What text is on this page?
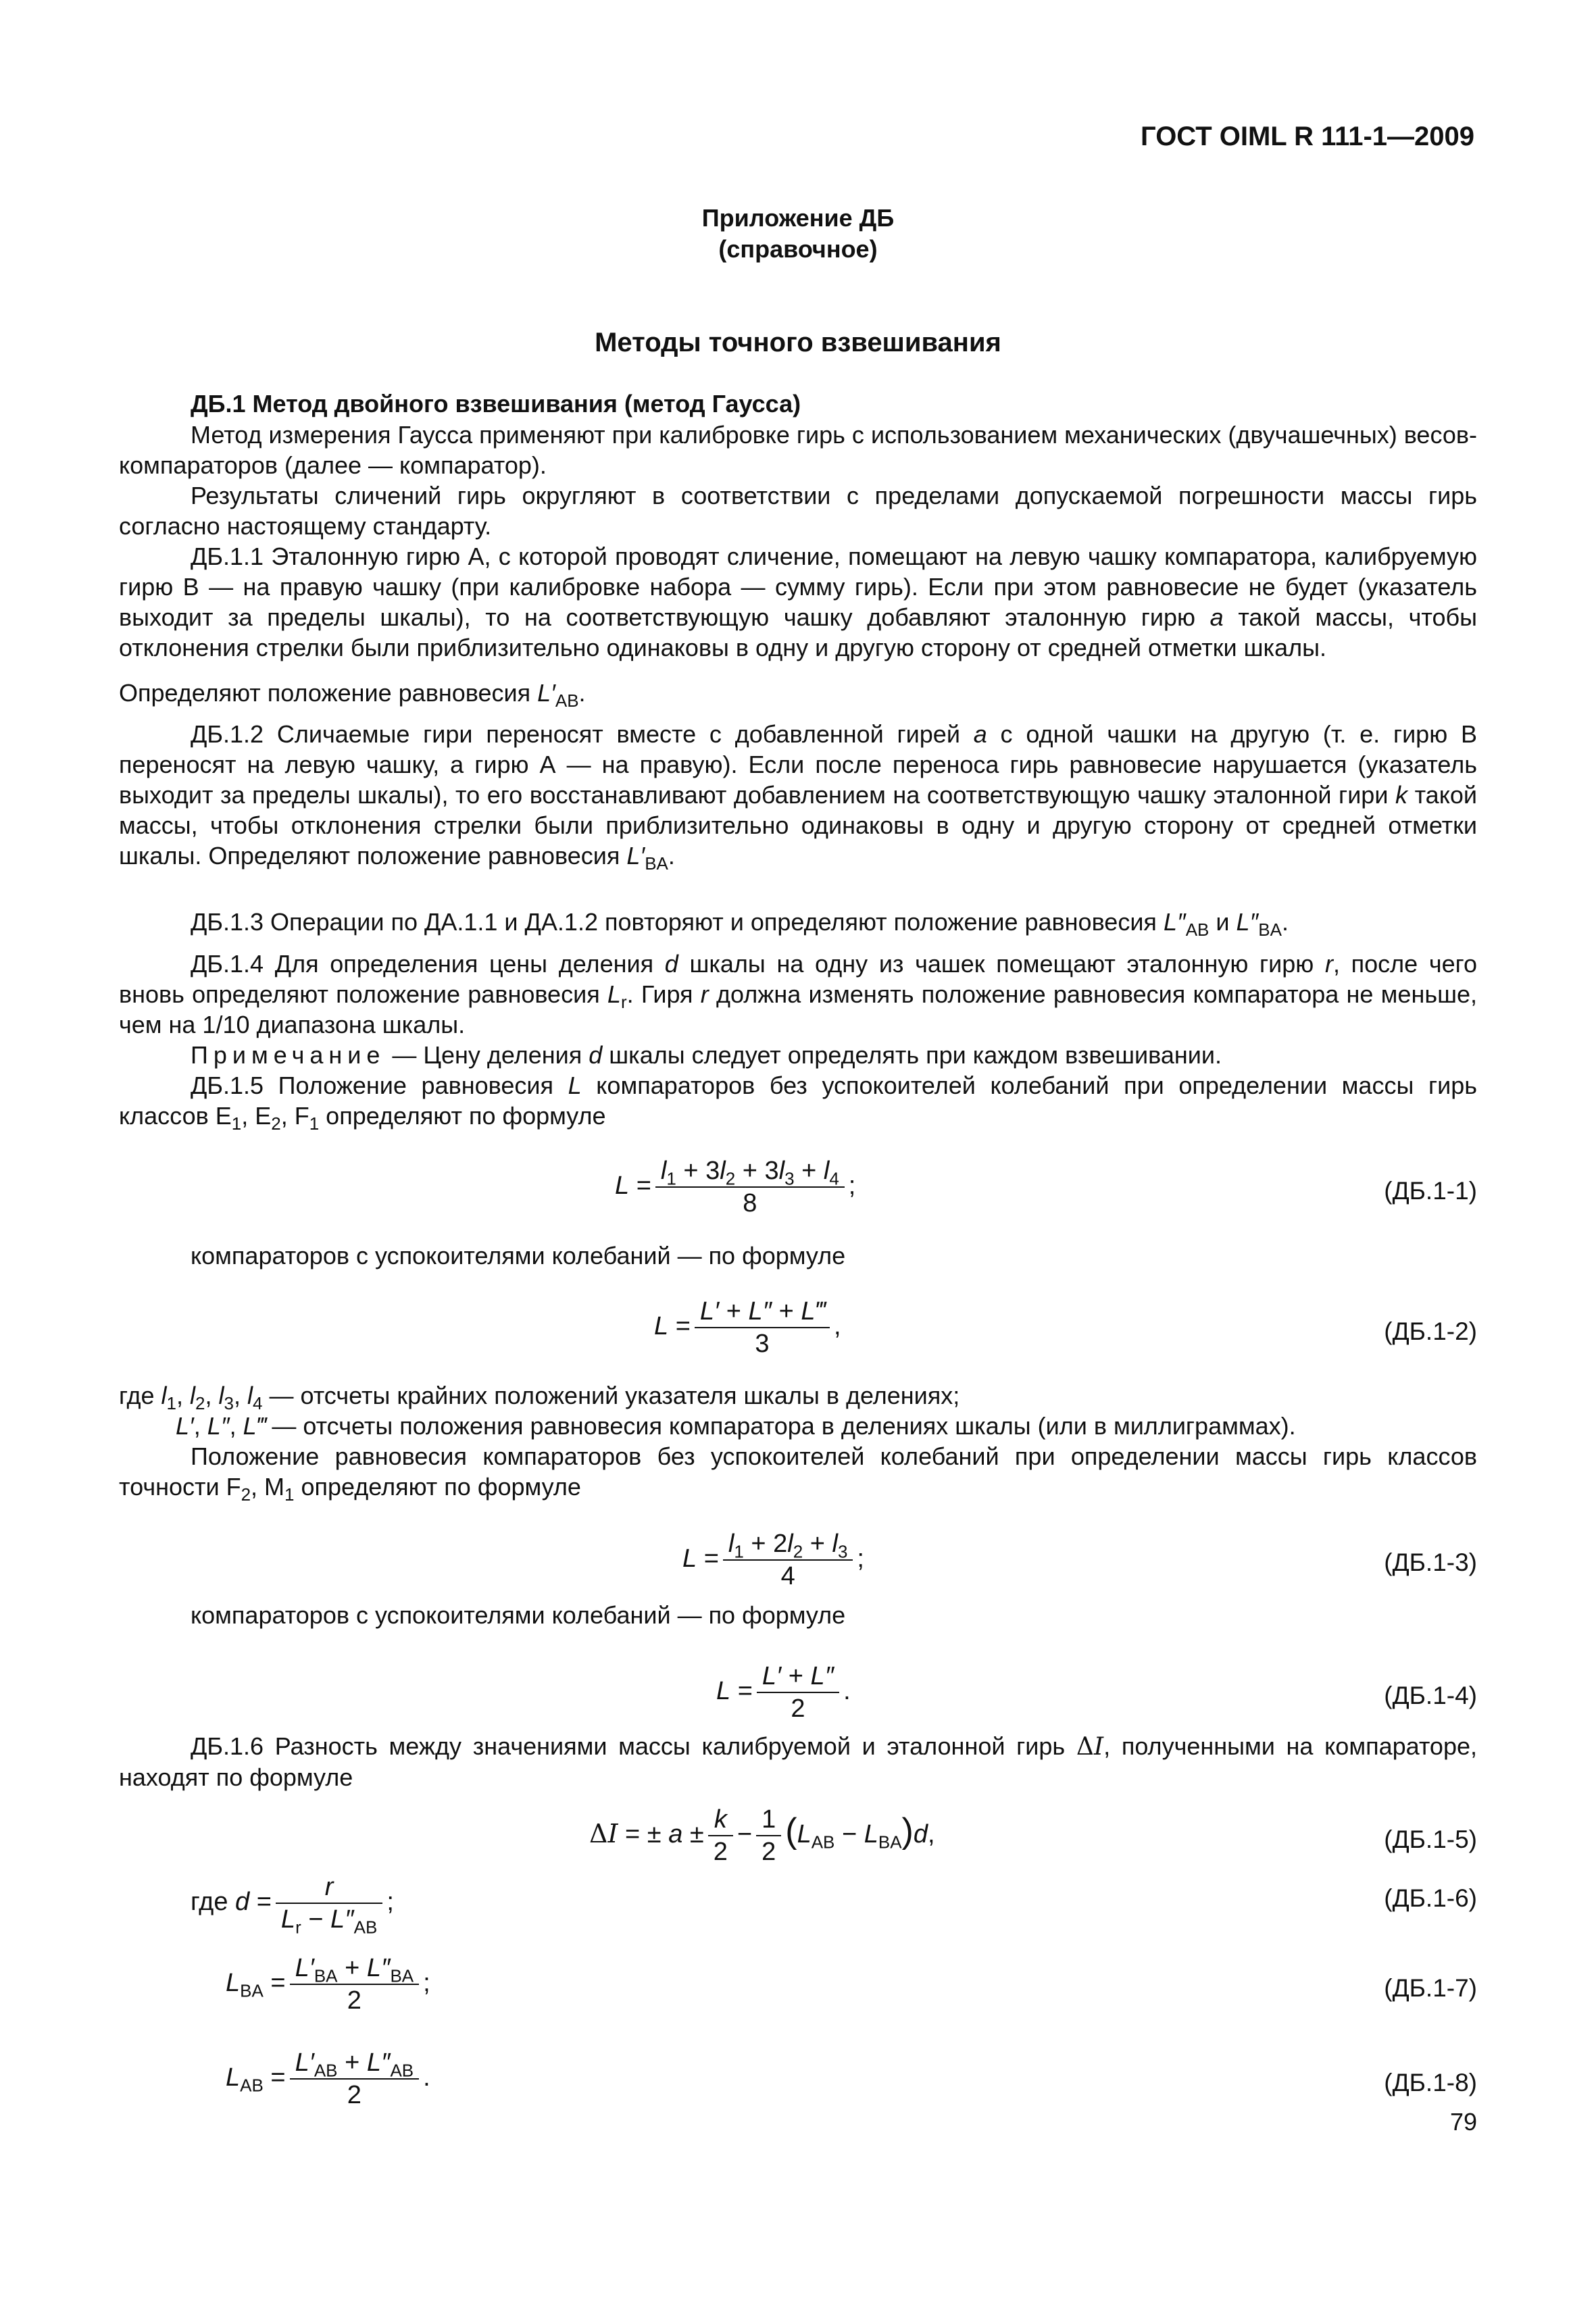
ГОСТ OIML R 111-1—2009
Приложение ДБ
(справочное)
Методы точного взвешивания
ДБ.1 Метод двойного взвешивания (метод Гаусса)
Метод измерения Гаусса применяют при калибровке гирь с использованием механических (двучашечных) весов-компараторов (далее — компаратор).
Результаты сличений гирь округляют в соответствии с пределами допускаемой погрешности массы гирь согласно настоящему стандарту.
ДБ.1.1 Эталонную гирю А, с которой проводят сличение, помещают на левую чашку компаратора, калибруемую гирю В — на правую чашку (при калибровке набора — сумму гирь). Если при этом равновесие не будет (указатель выходит за пределы шкалы), то на соответствующую чашку добавляют эталонную гирю a такой массы, чтобы отклонения стрелки были приблизительно одинаковы в одну и другую сторону от средней отметки шкалы.
Определяют положение равновесия $L'_{AB}$.
ДБ.1.2 Сличаемые гири переносят вместе с добавленной гирей a с одной чашки на другую (т. е. гирю В переносят на левую чашку, а гирю А — на правую). Если после переноса гирь равновесие нарушается (указатель выходит за пределы шкалы), то его восстанавливают добавлением на соответствующую чашку эталонной гири k такой массы, чтобы отклонения стрелки были приблизительно одинаковы в одну и другую сторону от средней отметки шкалы. Определяют положение равновесия $L'_{BA}$.
ДБ.1.3 Операции по ДА.1.1 и ДА.1.2 повторяют и определяют положение равновесия $L''_{AB}$ и $L''_{BA}$.
ДБ.1.4 Для определения цены деления d шкалы на одну из чашек помещают эталонную гирю r, после чего вновь определяют положение равновесия $L_r$. Гиря r должна изменять положение равновесия компаратора не меньше, чем на 1/10 диапазона шкалы.
Примечание — Цену деления d шкалы следует определять при каждом взвешивании.
ДБ.1.5 Положение равновесия L компараторов без успокоителей колебаний при определении массы гирь классов $E_1$, $E_2$, $F_1$ определяют по формуле
$L = \frac{l_1 + 3l_2 + 3l_3 + l_4}{8}$ ;	(ДБ.1-1)
компараторов с успокоителями колебаний — по формуле
$L = \frac{L' + L'' + L‴}{3}$ ,	(ДБ.1-2)
где $l_1$, $l_2$, $l_3$, $l_4$ — отсчеты крайних положений указателя шкалы в делениях;
L′, L″, L‴ — отсчеты положения равновесия компаратора в делениях шкалы (или в миллиграммах).
Положение равновесия компараторов без успокоителей колебаний при определении массы гирь классов точности $F_2$, $M_1$ определяют по формуле
$L = \frac{l_1 + 2l_2 + l_3}{4}$ ;	(ДБ.1-3)
компараторов с успокоителями колебаний — по формуле
$L = \frac{L' + L''}{2}$ .	(ДБ.1-4)
ДБ.1.6 Разность между значениями массы калибруемой и эталонной гирь ΔI, полученными на компараторе, находят по формуле
ΔI = ± $a \pm \frac{k}{2} - \frac{1}{2} (L_{AB} - L_{BA})d$,	(ДБ.1-5)
где $d = \frac{r}{L_r - L''_{AB}}$ ;	(ДБ.1-6)
$L_{BA} = \frac{L'_{BA} + L''_{BA}}{2}$ ;	(ДБ.1-7)
$L_{AB} = \frac{L'_{AB} + L''_{AB}}{2}$ .	(ДБ.1-8)
79
